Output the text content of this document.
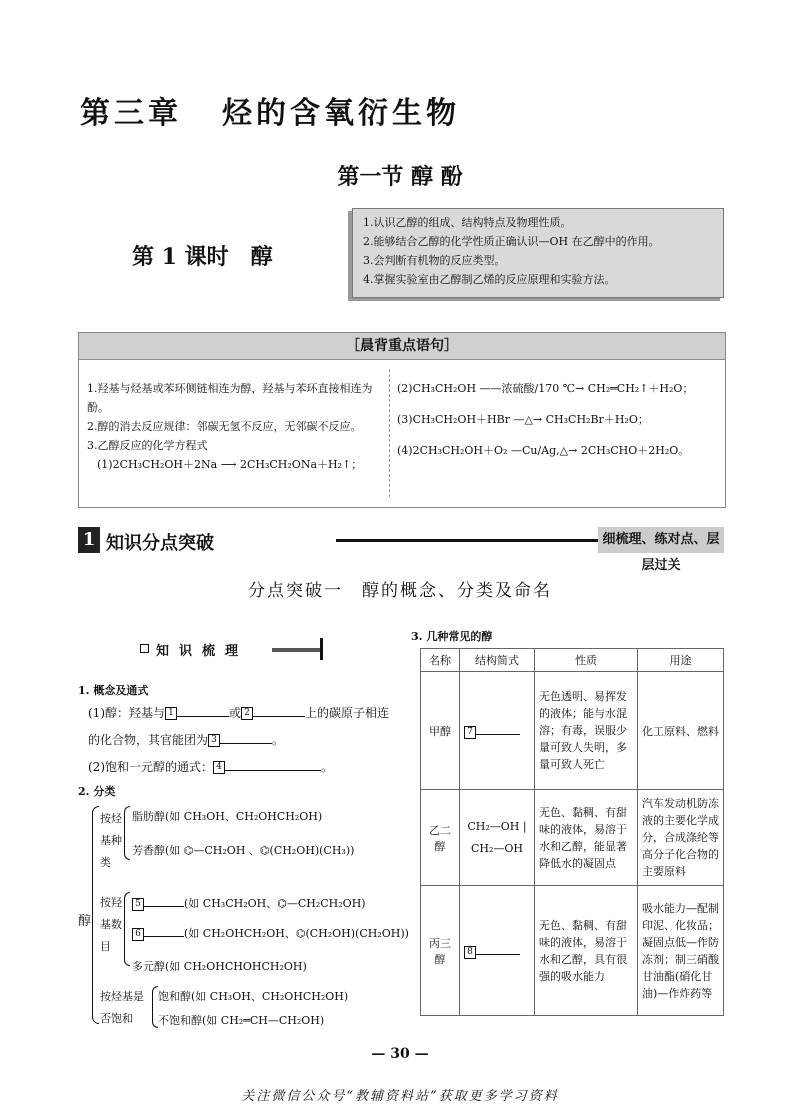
第三章 烃的含氧衍生物
第一节 醇 酚
第 1 课时　醇
1.认识乙醇的组成、结构特点及物理性质。
2.能够结合乙醇的化学性质正确认识—OH 在乙醇中的作用。
3.会判断有机物的反应类型。
4.掌握实验室由乙醇制乙烯的反应原理和实验方法。
［晨背重点语句］
1.羟基与烃基或苯环侧链相连为醇，羟基与苯环直接相连为酚。
2.醇的消去反应规律：邻碳无氢不反应，无邻碳不反应。
3.乙醇反应的化学方程式
(1)2CH₃CH₂OH＋2Na ⟶ 2CH₃CH₂ONa＋H₂↑；
(2)CH₃CH₂OH ——浓硫酸/170 ℃→ CH₂═CH₂↑＋H₂O；
(3)CH₃CH₂OH＋HBr —△→ CH₃CH₂Br＋H₂O；
(4)2CH₃CH₂OH＋O₂ —Cu/Ag,△→ 2CH₃CHO＋2H₂O。
1 知识分点突破	细梳理、练对点、层层过关
分点突破一　醇的概念、分类及命名
知识梳理
1. 概念及通式
(1)醇：羟基与 1	或 2	上的碳原子相连
的化合物，其官能团为 3	。
(2)饱和一元醇的通式： 4	。
2. 分类
醇
按烃基种类
脂肪醇(如 CH₃OH、CH₂OHCH₂OH)
芳香醇(如 ⌬—CH₂OH 、⌬(CH₂OH)(CH₃))
按羟基数目
5	(如 CH₃CH₂OH、⌬—CH₂CH₂OH)
6	(如 CH₂OHCH₂OH、⌬(CH₂OH)(CH₂OH))
多元醇(如 CH₂OHCHOHCH₂OH)
按烃基是否饱和
饱和醇(如 CH₃OH、CH₂OHCH₂OH)
不饱和醇(如 CH₂═CH—CH₂OH)
3. 几种常见的醇
名称	结构简式	性质	用途
甲醇	7	无色透明、易挥发的液体；能与水混溶；有毒，误服少量可致人失明，多量可致人死亡	化工原料、燃料
乙二醇	CH₂—OH | CH₂—OH	无色、黏稠、有甜味的液体，易溶于水和乙醇，能显著降低水的凝固点	汽车发动机防冻液的主要化学成分，合成涤纶等高分子化合物的主要原料
丙三醇	8	无色、黏稠、有甜味的液体，易溶于水和乙醇，具有很强的吸水能力	吸水能力—配制印泥、化妆品；凝固点低—作防冻剂；制三硝酸甘油酯(硝化甘油)—作炸药等
— 30 —
关注微信公众号“教辅资料站”获取更多学习资料
